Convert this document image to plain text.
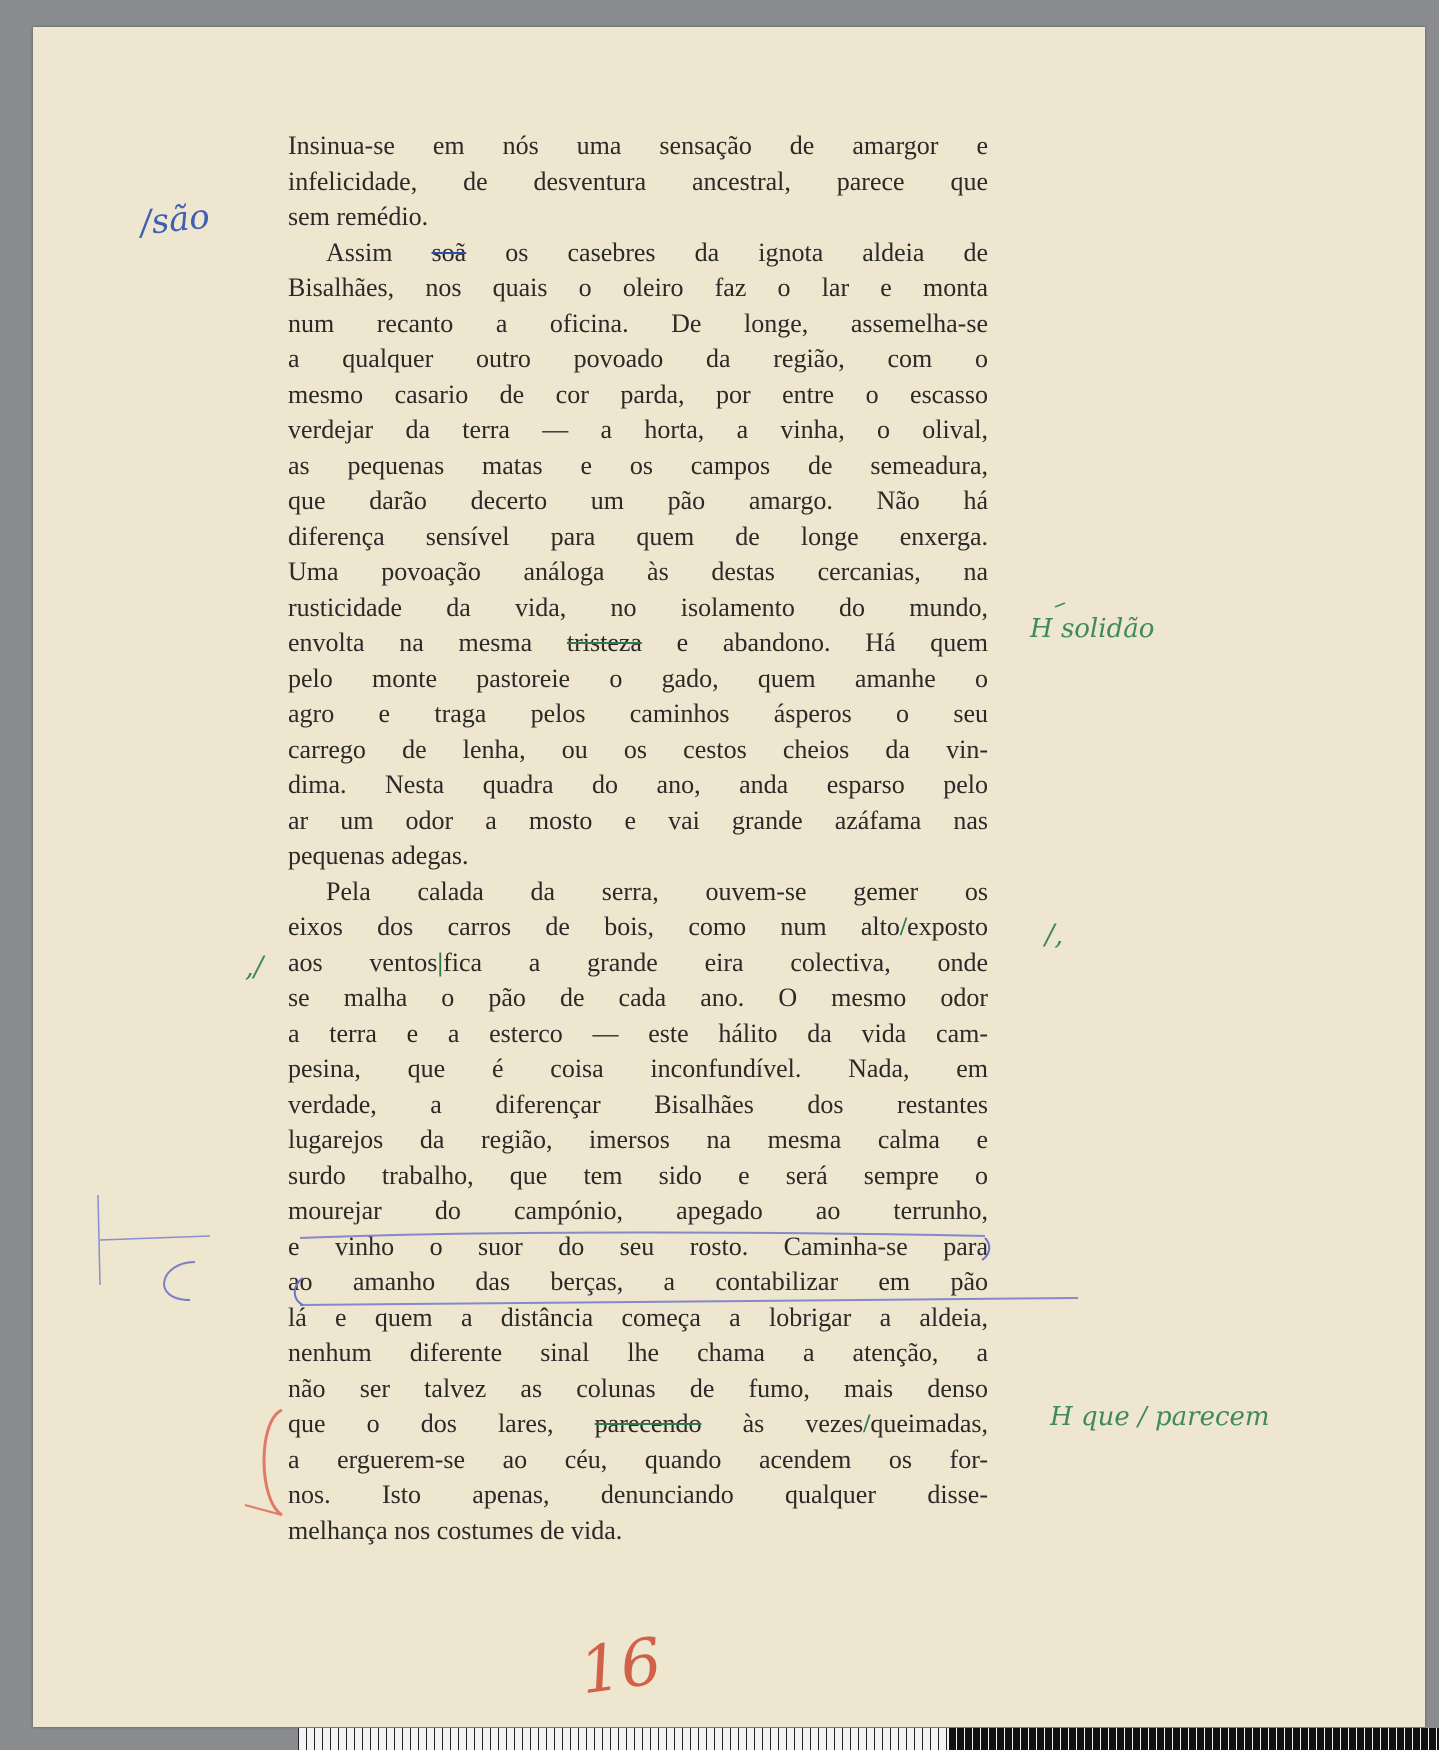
Insinua-se em nós uma sensação de amargor e
infelicidade, de desventura ancestral, parece que
sem remédio.
Assim soã os casebres da ignota aldeia de
Bisalhães, nos quais o oleiro faz o lar e monta
num recanto a oficina. De longe, assemelha-se
a qualquer outro povoado da região, com o
mesmo casario de cor parda, por entre o escasso
verdejar da terra — a horta, a vinha, o olival,
as pequenas matas e os campos de semeadura,
que darão decerto um pão amargo. Não há
diferença sensível para quem de longe enxerga.
Uma povoação análoga às destas cercanias, na
rusticidade da vida, no isolamento do mundo,
envolta na mesma tristeza e abandono. Há quem
pelo monte pastoreie o gado, quem amanhe o
agro e traga pelos caminhos ásperos o seu
carrego de lenha, ou os cestos cheios da vin-
dima. Nesta quadra do ano, anda esparso pelo
ar um odor a mosto e vai grande azáfama nas
pequenas adegas.
Pela calada da serra, ouvem-se gemer os
eixos dos carros de bois, como num alto/exposto
aos ventos|fica a grande eira colectiva, onde
se malha o pão de cada ano. O mesmo odor
a terra e a esterco — este hálito da vida cam-
pesina, que é coisa inconfundível. Nada, em
verdade, a diferençar Bisalhães dos restantes
lugarejos da região, imersos na mesma calma e
surdo trabalho, que tem sido e será sempre o
mourejar do campónio, apegado ao terrunho,
e vinho o suor do seu rosto. Caminha-se para
ao amanho das berças, a contabilizar em pão
lá e quem a distância começa a lobrigar a aldeia,
nenhum diferente sinal lhe chama a atenção, a
não ser talvez as colunas de fumo, mais denso
que o dos lares, parecendo às vezes/queimadas,
a erguerem-se ao céu, quando acendem os for-
nos. Isto apenas, denunciando qualquer disse-
melhança nos costumes de vida.
/são
H solidão
/,
,/
H que / parecem
16
